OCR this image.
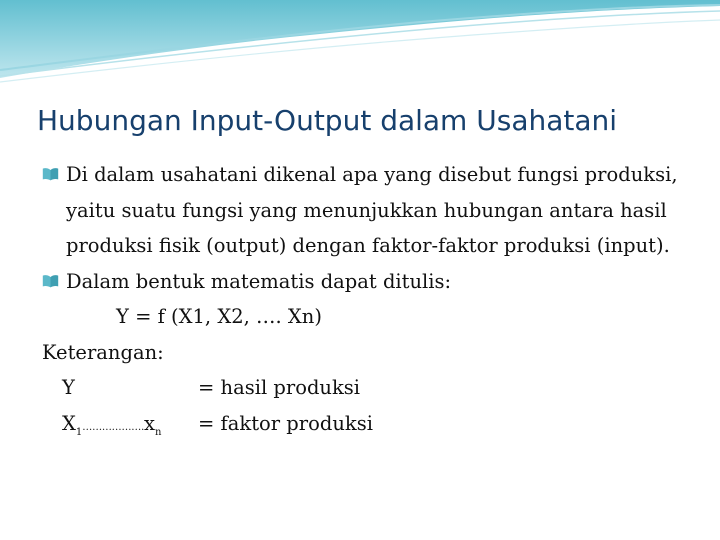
Hubungan Input-Output dalam Usahatani
Di dalam usahatani dikenal apa yang disebut fungsi produksi, yaitu suatu fungsi yang menunjukkan hubungan antara hasil produksi fisik (output) dengan faktor-faktor produksi (input).
Dalam bentuk matematis dapat ditulis:
Y = f (X1, X2, …. Xn)
Keterangan:
Y	= hasil produksi
$X_1\dots\dots\dots\dots\dots\dots.x_n$ = faktor produksi
